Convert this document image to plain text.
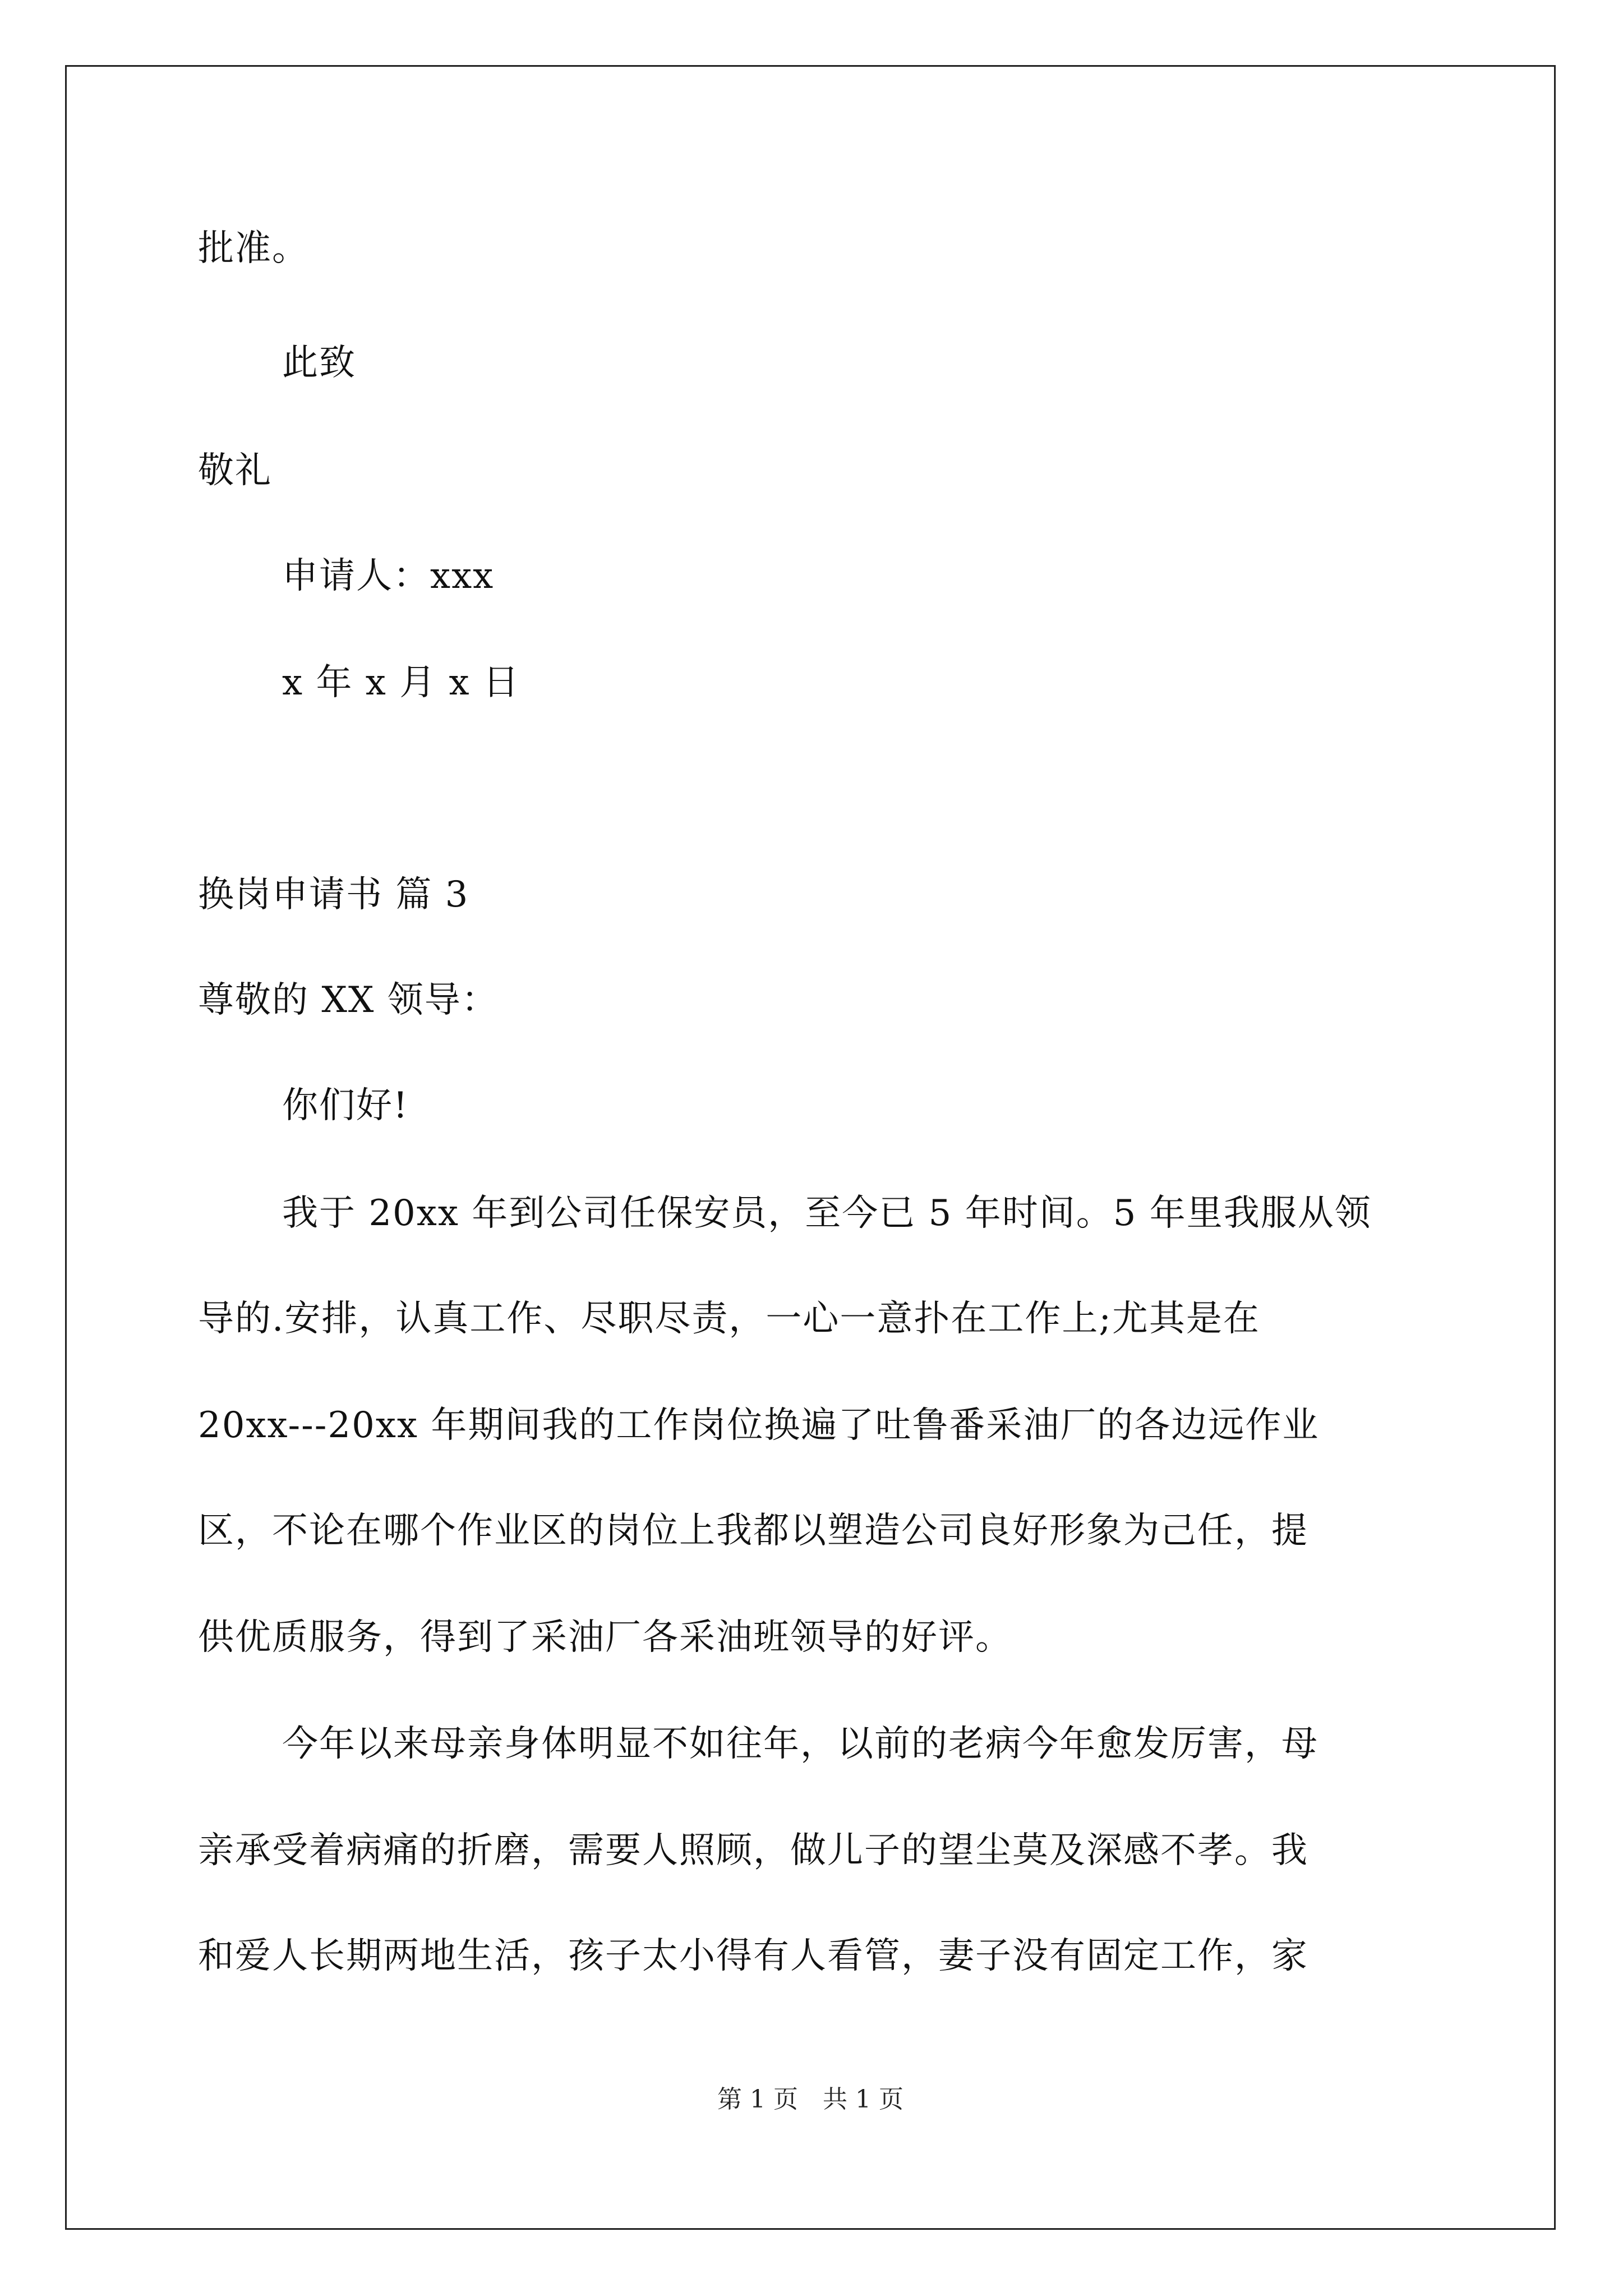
批准。
此致
敬礼
申请人：xxx
x 年 x 月 x 日
换岗申请书 篇 3
尊敬的 XX 领导：
你们好!
我于 20xx 年到公司任保安员，至今已 5 年时间。5 年里我服从领
导的.安排，认真工作、尽职尽责，一心一意扑在工作上;尤其是在
20xx---20xx 年期间我的工作岗位换遍了吐鲁番采油厂的各边远作业
区，不论在哪个作业区的岗位上我都以塑造公司良好形象为己任，提
供优质服务，得到了采油厂各采油班领导的好评。
今年以来母亲身体明显不如往年，以前的老病今年愈发厉害，母
亲承受着病痛的折磨，需要人照顾，做儿子的望尘莫及深感不孝。我
和爱人长期两地生活，孩子太小得有人看管，妻子没有固定工作，家
第 1 页　共 1 页
